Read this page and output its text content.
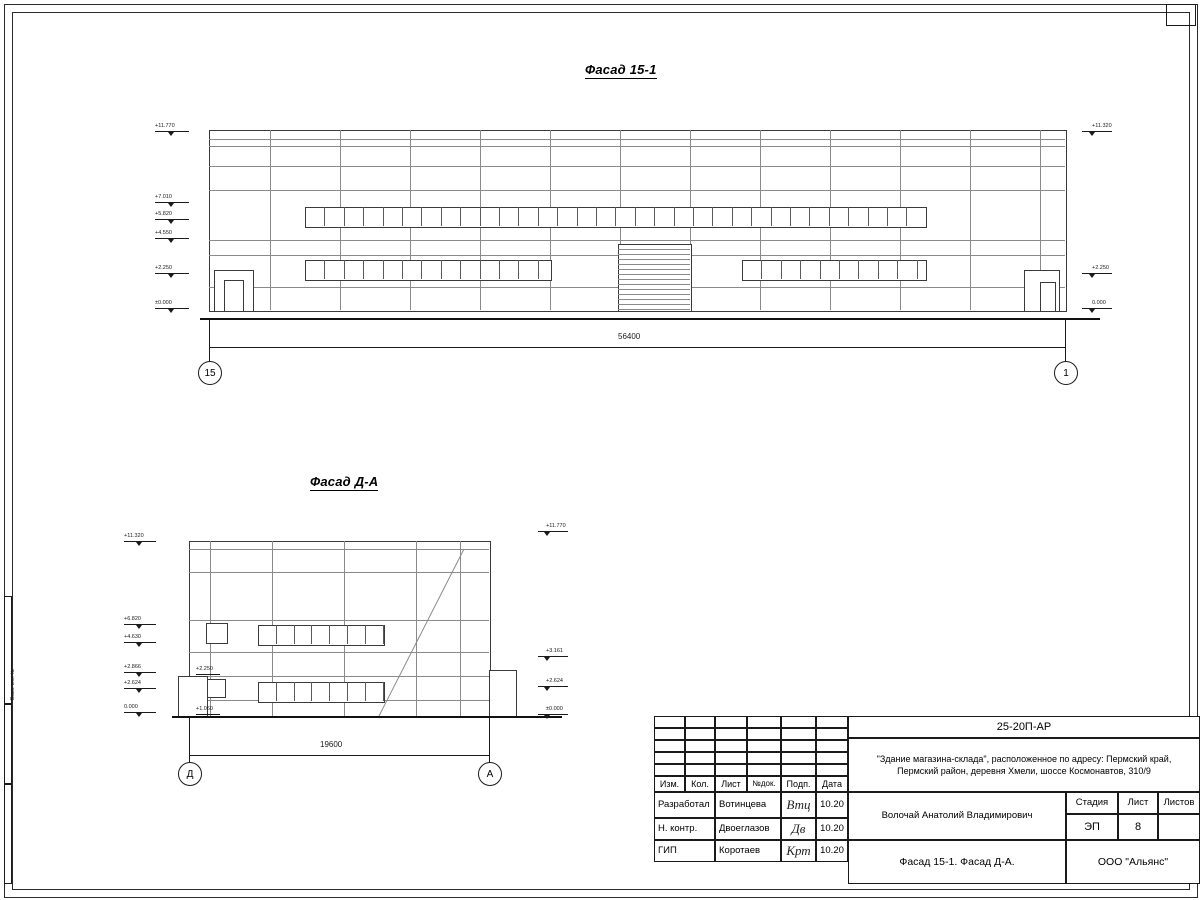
Взам. инв. №
Фасад 15-1
+11.770
+7.010
+5.820
+4.550
+2.250
±0.000
+11.320
+2.250
0.000
56400
15	1
Фасад Д-А
+11.320
+6.820
+4.630
+2.866
+2.624
0.000
+2.250
+1.060
+11.770
+3.161
+2.624
±0.000
19600
Д	А
Изм.	Кол.	Лист	№док.	Подп.	Дата
Разработал Вотинцева	Втц	10.20
Н. контр.	Двоеглазов	Дв	10.20
ГИП	Коротаев	Крт 10.20
25-20П-АР
"Здание магазина-склада", расположенное по адресу: Пермский край,
Пермский район, деревня Хмели, шоссе Космонавтов, 310/9
Волочай Анатолий Владимирович
Фасад 15-1. Фасад Д-А.
Стадия	Лист	Листов
ЭП	8
ООО "Альянс"
